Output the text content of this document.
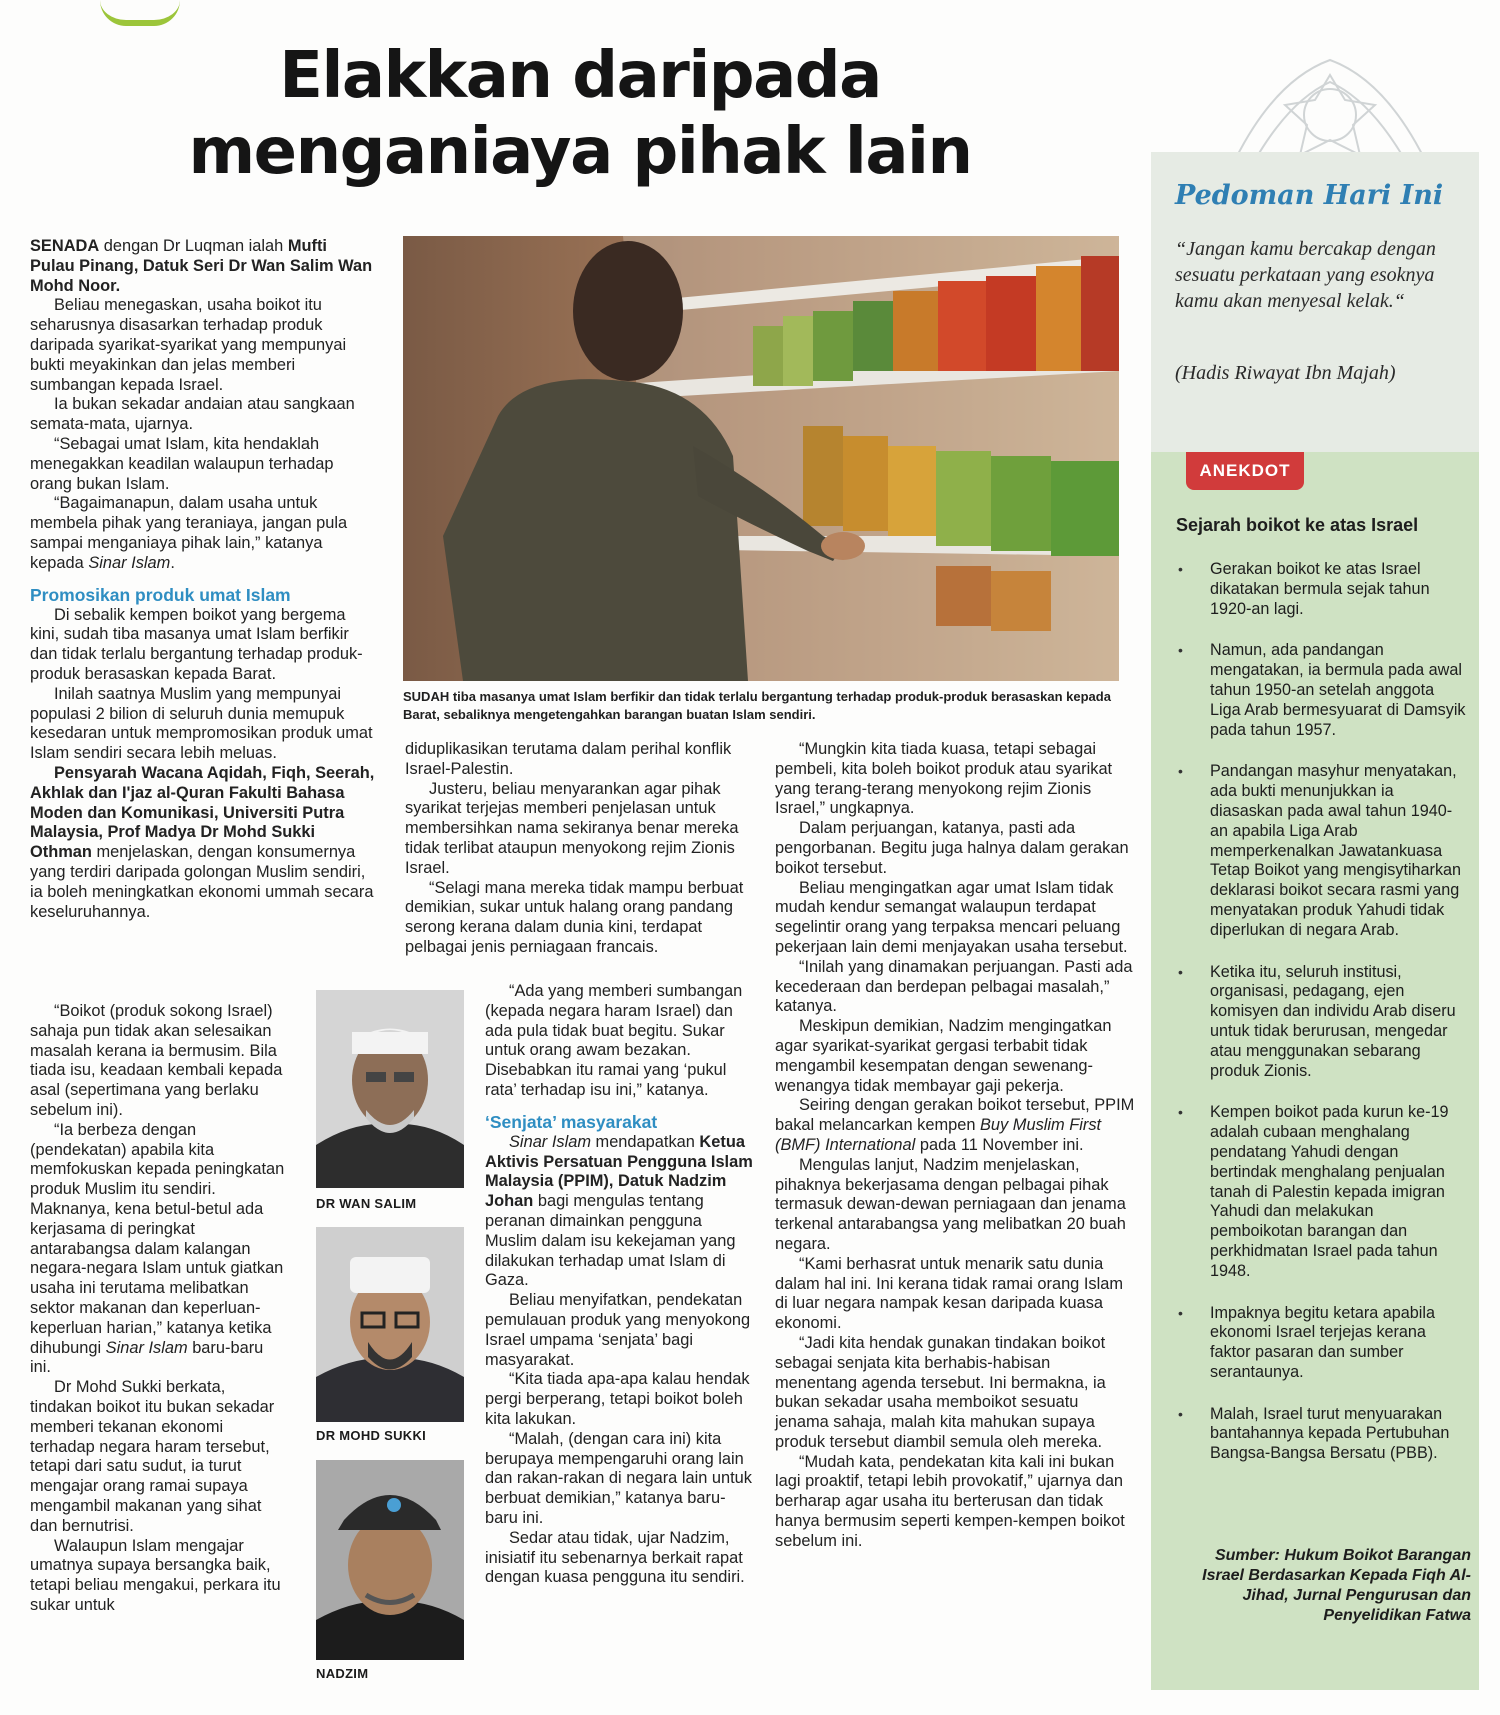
Elakkan daripada
menganiaya pihak lain
SUDAH tiba masanya umat Islam berfikir dan tidak terlalu bergantung terhadap produk-produk berasaskan kepada Barat, sebaliknya mengetengahkan barangan buatan Islam sendiri.

SENADA dengan Dr Luqman ialah Mufti Pulau Pinang, Datuk Seri Dr Wan Salim Wan Mohd Noor.

Beliau menegaskan, usaha boikot itu seharusnya disasarkan terhadap produk daripada syarikat-syarikat yang mempunyai bukti meyakinkan dan jelas memberi sumbangan kepada Israel.

Ia bukan sekadar andaian atau sangkaan semata-mata, ujarnya.

“Sebagai umat Islam, kita hendaklah menegakkan keadilan walaupun terhadap orang bukan Islam.

“Bagaimanapun, dalam usaha untuk membela pihak yang teraniaya, jangan pula sampai menganiaya pihak lain,” katanya kepada Sinar Islam.

Promosikan produk umat Islam

Di sebalik kempen boikot yang bergema kini, sudah tiba masanya umat Islam berfikir dan tidak terlalu bergantung terhadap produk-produk berasaskan kepada Barat.

Inilah saatnya Muslim yang mempunyai populasi 2 bilion di seluruh dunia memupuk kesedaran untuk mempromosikan produk umat Islam sendiri secara lebih meluas.

Pensyarah Wacana Aqidah, Fiqh, Seerah, Akhlak dan I'jaz al-Quran Fakulti Bahasa Moden dan Komunikasi, Universiti Putra Malaysia, Prof Madya Dr Mohd Sukki Othman menjelaskan, dengan konsumernya yang terdiri daripada golongan Muslim sendiri, ia boleh meningkatkan ekonomi ummah secara keseluruhannya.

“Boikot (produk sokong Israel) sahaja pun tidak akan selesaikan masalah kerana ia bermusim. Bila tiada isu, keadaan kembali kepada asal (sepertimana yang berlaku sebelum ini).

“Ia berbeza dengan (pendekatan) apabila kita memfokuskan kepada peningkatan produk Muslim itu sendiri. Maknanya, kena betul-betul ada kerjasama di peringkat antarabangsa dalam kalangan negara-negara Islam untuk giatkan usaha ini terutama melibatkan sektor makanan dan keperluan-keperluan harian,” katanya ketika dihubungi Sinar Islam baru-baru ini.

Dr Mohd Sukki berkata, tindakan boikot itu bukan sekadar memberi tekanan ekonomi terhadap negara haram tersebut, tetapi dari satu sudut, ia turut mengajar orang ramai supaya mengambil makanan yang sihat dan bernutrisi.

Walaupun Islam mengajar umatnya supaya bersangka baik, tetapi beliau mengakui, perkara itu sukar untuk

DR WAN SALIM
DR MOHD SUKKI
NADZIM

diduplikasikan terutama dalam perihal konflik Israel-Palestin.

Justeru, beliau menyarankan agar pihak syarikat terjejas memberi penjelasan untuk membersihkan nama sekiranya benar mereka tidak terlibat ataupun menyokong rejim Zionis Israel.

“Selagi mana mereka tidak mampu berbuat demikian, sukar untuk halang orang pandang serong kerana dalam dunia kini, terdapat pelbagai jenis perniagaan francais.

“Ada yang memberi sumbangan (kepada negara haram Israel) dan ada pula tidak buat begitu. Sukar untuk orang awam bezakan. Disebabkan itu ramai yang ‘pukul rata’ terhadap isu ini,” katanya.

‘Senjata’ masyarakat

Sinar Islam mendapatkan Ketua Aktivis Persatuan Pengguna Islam Malaysia (PPIM), Datuk Nadzim Johan bagi mengulas tentang peranan dimainkan pengguna Muslim dalam isu kekejaman yang dilakukan terhadap umat Islam di Gaza.

Beliau menyifatkan, pendekatan pemulauan produk yang menyokong Israel umpama ‘senjata’ bagi masyarakat.

“Kita tiada apa-apa kalau hendak pergi berperang, tetapi boikot boleh kita lakukan.

“Malah, (dengan cara ini) kita berupaya mempengaruhi orang lain dan rakan-rakan di negara lain untuk berbuat demikian,” katanya baru-baru ini.

Sedar atau tidak, ujar Nadzim, inisiatif itu sebenarnya berkait rapat dengan kuasa pengguna itu sendiri.

“Mungkin kita tiada kuasa, tetapi sebagai pembeli, kita boleh boikot produk atau syarikat yang terang-terang menyokong rejim Zionis Israel,” ungkapnya.

Dalam perjuangan, katanya, pasti ada pengorbanan. Begitu juga halnya dalam gerakan boikot tersebut.

Beliau mengingatkan agar umat Islam tidak mudah kendur semangat walaupun terdapat segelintir orang yang terpaksa mencari peluang pekerjaan lain demi menjayakan usaha tersebut.

“Inilah yang dinamakan perjuangan. Pasti ada kecederaan dan berdepan pelbagai masalah,” katanya.

Meskipun demikian, Nadzim mengingatkan agar syarikat-syarikat gergasi terbabit tidak mengambil kesempatan dengan sewenang-wenangya tidak membayar gaji pekerja.

Seiring dengan gerakan boikot tersebut, PPIM bakal melancarkan kempen Buy Muslim First (BMF) International pada 11 November ini.

Mengulas lanjut, Nadzim menjelaskan, pihaknya bekerjasama dengan pelbagai pihak termasuk dewan-dewan perniagaan dan jenama terkenal antarabangsa yang melibatkan 20 buah negara.

“Kami berhasrat untuk menarik satu dunia dalam hal ini. Ini kerana tidak ramai orang Islam di luar negara nampak kesan daripada kuasa ekonomi.

“Jadi kita hendak gunakan tindakan boikot sebagai senjata kita berhabis-habisan menentang agenda tersebut. Ini bermakna, ia bukan sekadar usaha memboikot sesuatu jenama sahaja, malah kita mahukan supaya produk tersebut diambil semula oleh mereka.

“Mudah kata, pendekatan kita kali ini bukan lagi proaktif, tetapi lebih provokatif,” ujarnya dan berharap agar usaha itu berterusan dan tidak hanya bermusim seperti kempen-kempen boikot sebelum ini.

Pedoman Hari Ini
“Jangan kamu bercakap dengan sesuatu perkataan yang esoknya kamu akan menyesal kelak.“
(Hadis Riwayat Ibn Majah)

ANEKDOT
Sejarah boikot ke atas Israel
• Gerakan boikot ke atas Israel dikatakan bermula sejak tahun 1920-an lagi.
• Namun, ada pandangan mengatakan, ia bermula pada awal tahun 1950-an setelah anggota Liga Arab bermesyuarat di Damsyik pada tahun 1957.
• Pandangan masyhur menyatakan, ada bukti menunjukkan ia diasaskan pada awal tahun 1940-an apabila Liga Arab memperkenalkan Jawatankuasa Tetap Boikot yang mengisytiharkan deklarasi boikot secara rasmi yang menyatakan produk Yahudi tidak diperlukan di negara Arab.
• Ketika itu, seluruh institusi, organisasi, pedagang, ejen komisyen dan individu Arab diseru untuk tidak berurusan, mengedar atau menggunakan sebarang produk Zionis.
• Kempen boikot pada kurun ke-19 adalah cubaan menghalang pendatang Yahudi dengan bertindak menghalang penjualan tanah di Palestin kepada imigran Yahudi dan melakukan pemboikotan barangan dan perkhidmatan Israel pada tahun 1948.
• Impaknya begitu ketara apabila ekonomi Israel terjejas kerana faktor pasaran dan sumber serantaunya.
• Malah, Israel turut menyuarakan bantahannya kepada Pertubuhan Bangsa-Bangsa Bersatu (PBB).
Sumber: Hukum Boikot Barangan Israel Berdasarkan Kepada Fiqh Al-Jihad, Jurnal Pengurusan dan Penyelidikan Fatwa
